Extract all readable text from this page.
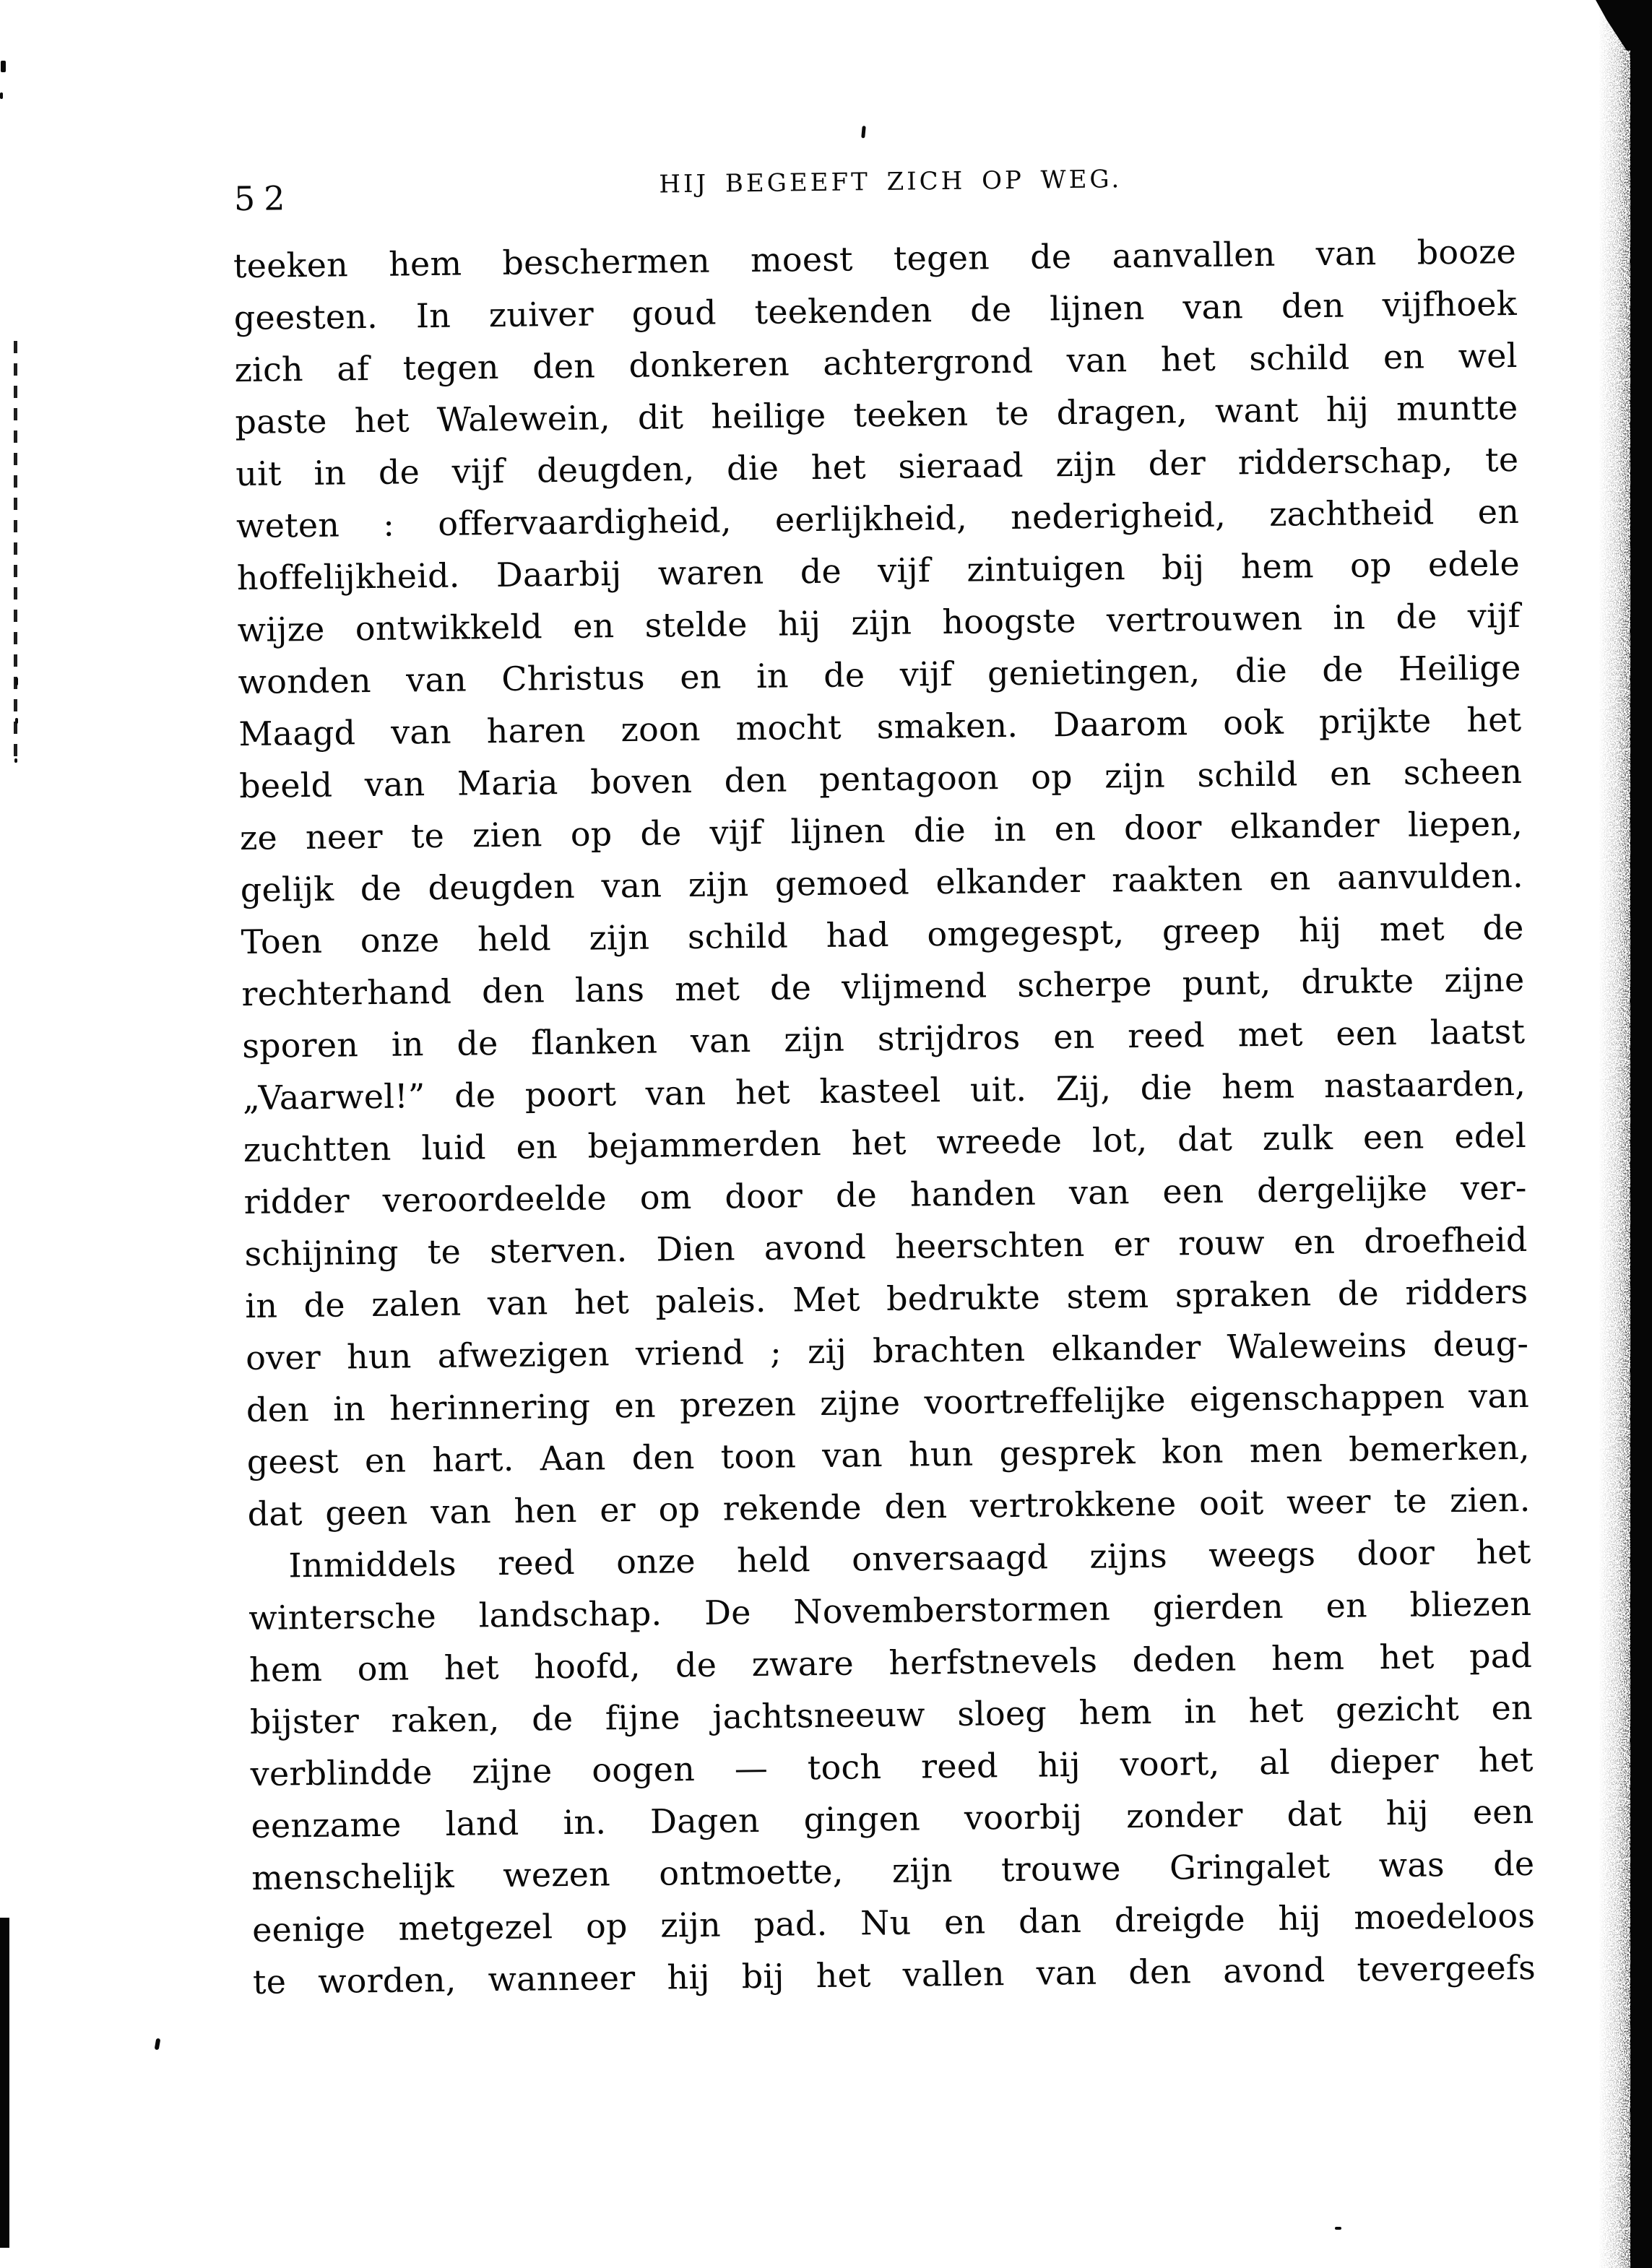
52	HIJ BEGEEFT ZICH OP WEG.
teeken hem beschermen moest tegen de aanvallen van booze
geesten. In zuiver goud teekenden de lijnen van den vijfhoek
zich af tegen den donkeren achtergrond van het schild en wel
paste het Walewein, dit heilige teeken te dragen, want hij muntte
uit in de vijf deugden, die het sieraad zijn der ridderschap, te
weten : offervaardigheid, eerlijkheid, nederigheid, zachtheid en
hoffelijkheid. Daarbij waren de vijf zintuigen bij hem op edele
wijze ontwikkeld en stelde hij zijn hoogste vertrouwen in de vijf
wonden van Christus en in de vijf genietingen, die de Heilige
Maagd van haren zoon mocht smaken. Daarom ook prijkte het
beeld van Maria boven den pentagoon op zijn schild en scheen
ze neer te zien op de vijf lijnen die in en door elkander liepen,
gelijk de deugden van zijn gemoed elkander raakten en aanvulden.
Toen onze held zijn schild had omgegespt, greep hij met de
rechterhand den lans met de vlijmend scherpe punt, drukte zijne
sporen in de flanken van zijn strijdros en reed met een laatst
„Vaarwel!” de poort van het kasteel uit. Zij, die hem nastaarden,
zuchtten luid en bejammerden het wreede lot, dat zulk een edel
ridder veroordeelde om door de handen van een dergelijke ver-
schijning te sterven. Dien avond heerschten er rouw en droefheid
in de zalen van het paleis. Met bedrukte stem spraken de ridders
over hun afwezigen vriend ; zij brachten elkander Waleweins deug-
den in herinnering en prezen zijne voortreffelijke eigenschappen van
geest en hart. Aan den toon van hun gesprek kon men bemerken,
dat geen van hen er op rekende den vertrokkene ooit weer te zien.
Inmiddels reed onze held onversaagd zijns weegs door het
wintersche landschap. De Novemberstormen gierden en bliezen
hem om het hoofd, de zware herfstnevels deden hem het pad
bijster raken, de fijne jachtsneeuw sloeg hem in het gezicht en
verblindde zijne oogen — toch reed hij voort, al dieper het
eenzame land in. Dagen gingen voorbij zonder dat hij een
menschelijk wezen ontmoette, zijn trouwe Gringalet was de
eenige metgezel op zijn pad. Nu en dan dreigde hij moedeloos
te worden, wanneer hij bij het vallen van den avond tevergeefs
